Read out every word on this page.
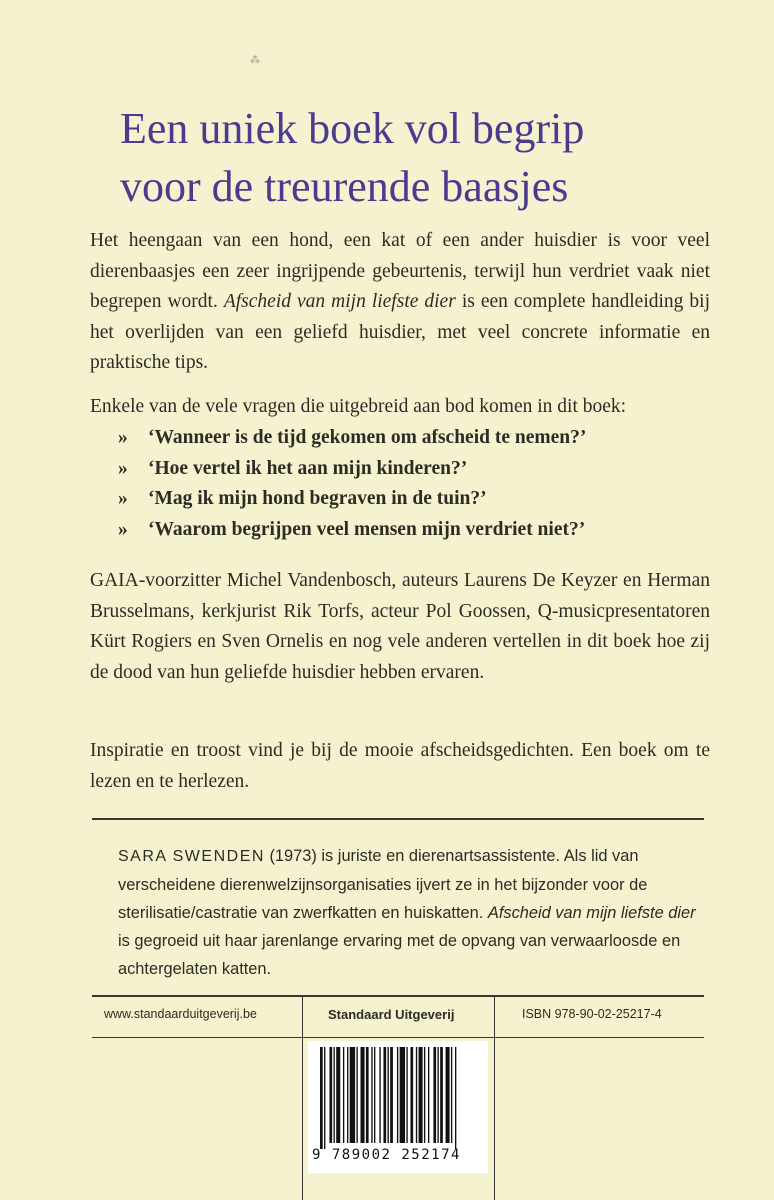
⁂
Een uniek boek vol begrip
voor de treurende baasjes

Het heengaan van een hond, een kat of een ander huisdier is voor veel dierenbaasjes een zeer ingrijpende gebeurtenis, terwijl hun verdriet vaak niet begrepen wordt. Afscheid van mijn liefste dier is een complete handleiding bij het overlijden van een geliefd huisdier, met veel concrete informatie en praktische tips.

Enkele van de vele vragen die uitgebreid aan bod komen in dit boek:

» ‘Wanneer is de tijd gekomen om afscheid te nemen?’
» ‘Hoe vertel ik het aan mijn kinderen?’
» ‘Mag ik mijn hond begraven in de tuin?’
» ‘Waarom begrijpen veel mensen mijn verdriet niet?’

GAIA-voorzitter Michel Vandenbosch, auteurs Laurens De Keyzer en Herman Brusselmans, kerkjurist Rik Torfs, acteur Pol Goossen, Q-musicpresentatoren Kürt Rogiers en Sven Ornelis en nog vele anderen vertellen in dit boek hoe zij de dood van hun geliefde huisdier hebben ervaren.

Inspiratie en troost vind je bij de mooie afscheidsgedichten. Een boek om te lezen en te herlezen.

SARA SWENDEN (1973) is juriste en dierenartsassistente. Als lid van verscheidene dierenwelzijnsorganisaties ijvert ze in het bijzonder voor de sterilisatie/castratie van zwerfkatten en huiskatten. Afscheid van mijn liefste dier is gegroeid uit haar jarenlange ervaring met de opvang van verwaarloosde en achtergelaten katten.

www.standaarduitgeverij.be	Standaard Uitgeverij	ISBN 978-90-02-25217-4
9 789002 252174
